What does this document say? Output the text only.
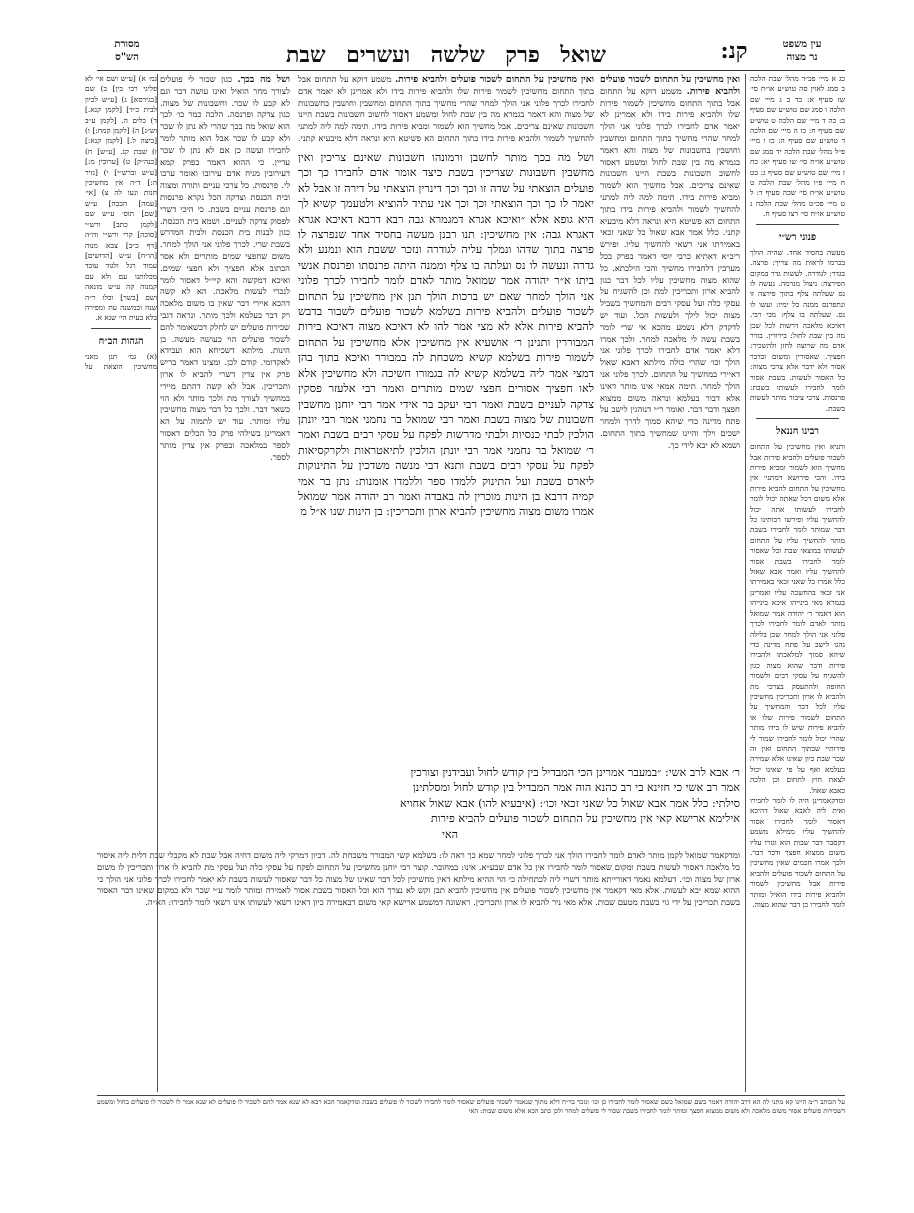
מסורת
הש"ס	שואל
פרק
שלשה
ועשרים
שבת	קנ:	עין משפט
נר מצוה
גמ׳ א) [ע״ש ושם אי׳ לא פליגי רבי בין] ב) שם [בגירסא] ג) [ע״ש לכיון לבית כ״ד] [לקמן קנא.] ד) כלים ה. [לקמן ע״ב וש״נ] ה) [לקמן קמח:] ו) [ביצה ל.] [לקמן קנא:] ז) שבת קנ. [ע״ש] ח) [בנה״ק] ט) [ערובין מ:] [ע״ש וברש״י] י) [נזיר ה:] ד״ה אין מחשיכין חנות ונעו לה צ) [אי׳ [עמה] הכבה] ע״ש [שם] תוס׳ ע״ש שם [לקמן כתב] ורש״י [סוכה] קרי ורש״י וה״ה [דף כ״ב] צבא מנוה [הו״ח] ע״ש [הדושים] עמוד רגל ולגוד עובד מכלותנו עם ולא עם קמנוה קה ע״ש מונאה ושם [בשר] ובלו ר״ה שנה ובמשנה עת ומפירה בלא בעית הי׳ שנא א.
הגהות הב״ח
(א) גמ׳ תנן מאני מחשיכין הוצאת על
ושל מה בכך. כגון שכור לי פועלים לצורך מחר הואיל ואינו עושה דבר וגם לא קבע לו שכר. וחשבונות של מצוה. כגון צדקה ופרנסה. הלכה כמר כו׳ לכך הוא שואל מה בכך שהרי לא נתן לו שכר ולא קבע לו שכר אבל הוא מותר לומר לחבירו ועשה כן אם לא נתן לו שכר עדיין. כי ההוא דאמר בפרק קמא דעירובין מניח אדם עירובו ואומר ערבו לי. פרנסות. כל צרכי עניים ותורה ומצוה ובית הכנסת וצדקה הכל נקרא פרנסות וגם פרנסת עניים בשבת. כי היכי דשרי לפסוק צדקה לעניים. ושמא בית הכנסת. כגון לבנות בית הכנסת ולבית המדרש בשבת שרי. לכרך פלוני אני הולך למחר. משום שחפצי שמים מותרים ולא אסר הכתוב אלא חפציך ולא חפצי שמים. ואיכא דמקשה והא קיי״ל דאסור לומר לנכרי לעשות מלאכה. הא לא קשה דהכא איירי דבר שאין בו משום מלאכה רק דבר בעלמא ולכך מותר. ונראה דגבי שכירות פועלים יש לחלק דכשאומר להם לשכור פועלים הוי כעושה מעשה. בן הינות. מילתא דשכיחא הוא ועבידא לאקדומי. קודם לכן. ומצינו דאמר בריש פרק אין צדין דשרי להביא לו ארון ותכריכין. אבל לא קשה דהתם מיירי במחשיך לצורך מת ולכך מותר ולא הוי כשאר דבר. ולכך כל דבר מצוה מחשיכין עליו ומותר. עוד יש לתמוה על הא דאמרינן בשילהי פרק כל הכלים דאסור לספר במלאכה ובפרק אין צדין מותר לספר.
ושל מה בכך מותר לחשבן ורמונהו חשבונות שאינם צריכין ואין מחשבין חשבונות שצריכין בשבת כיצד אומר אדם לחבירו כך וכך פועלים הוצאתי על שדה זו וכך וכך דינרין הוצאתי על דירה זו אבל לא יאמר לו כך וכך הוצאתי וכך וכך אני עתיד להוציא ולטעמך קשיא לך היא גופא אלא ״ואיכא אגרא דמגמרא גבה רבא דרבא דאיכא אגרא דאגרא גבה: אין מחשיכין: תנו רבנן מעשה בחסיד אחד שנפרצה לו פרצה בתוך שדהו ונמלך עליה לגודרה ונזכר ששבת הוא ונמנע ולא גדרה ונעשה לו נס ועלתה בו צלף וממנה היתה פרנסתו ופרנסת אנשי ביתו א״ר יהודה אמר שמואל מותר לאדם לומר לחבירו לכרך פלוני אני הולך למחר שאם יש ברכות הולך תנן אין מחשיכין על התחום לשכור פועלים ולהביא פירות בשלמא לשכור פועלים לשבור בדבש להביא פירות אלא לא מצי אמר להו לא דאיכא מצוה דאיכא בירות המבוררין ותנינן ר׳ אושעיא אין מחשיכין אלא מחשיכין על התחום לשמור פירות בשלמא קשיא משכחת לה במבורר ואיכא בתוך בהן דמצי אמר ליה בשלמא קשיא לה בגמורו חשיכה ולא מחשיכין אלא לאו חפציך אסורים חפצי שמים מותרים ואמר רבי אלעזר פסקין צדקה לעניים בשבת ואמר רבי יעקב בר אידי אמר רבי יוחנן מחשבין חשבונות של מצוה בשבת ואמר רבי שמואל בר נחמני אמר רבי יונתן הולכין לבתי כנסיות ולבתי מדרשות לפקח על עסקי רבים בשבת ואמר ר׳ שמואל בר נחמני אמר רבי יונתן הולכין לתיאטראות ולקרקסיאות לפקח על עסקי רבים בשבת ותנא דבי מנשה משדכין על התינוקות ליארס בשבת ועל התינוק ללמדו ספר וללמדו אומנות: נתן בר אמי קמיה דרבא בן הינות מוכרין לה באבדה ואמר רב יהודה אמר שמואל אמרו משום מצוה מחשיכין להביא ארון ותכריכין: בן הינות שנו א״ל מ
ואין מחשיכין על התחום לשכור פועלים ולהביא פירות. משמע דוקא על התחום אבל בתוך התחום מחשיכין לשמור פירות שלו ולהביא פירות בידו ולא אמרינן לא יאמר אדם לחבירו לכרך פלוני אני הולך למחר שהרי מחשיך בתוך התחום ומחשבין וחושבין בחשבונות של מצוה והא דאמר בגמרא מה בין שבת לחול ומשמע דאסור לחשוב חשבונות בשבת היינו חשבונות שאינם צריכים. אבל מחשיך הוא לשמור ומביא פירות בידו. תימה למה ליה למתני להחשיך לשמור ולהביא פירות בידו בתוך התחום הא פשיטא היא ונראה דלא מיבעיא קתני.
ואין מחשיכין על התחום לשכור פועלים ולהביא פירות. משמע דוקא על התחום אבל בתוך התחום מחשיכין לשמור פירות שלו ולהביא פירות בידו ולא אמרינן לא יאמר אדם לחבירו לכרך פלוני אני הולך למחר שהרי מחשיך בתוך התחום ומחשבין וחושבין בחשבונות של מצוה והא דאמר בגמרא מה בין שבת לחול ומשמע דאסור לחשוב חשבונות בשבת היינו חשבונות שאינם צריכים. אבל מחשיך הוא לשמור ומביא פירות בידו. תימה למה ליה למתני להחשיך לשמור ולהביא פירות בידו בתוך התחום הא פשיטא היא ונראה דלא מיבעיא קתני. כלל אמר אבא שאול כל שאני זכאי באמירתו אני רשאי להחשיך עליו. ופירש ריב״א דאתיא כרבי יוסי דאמר בפרק בכל מערבין דלחבירו מחשיך והכי הילכתא. כל שהוא מצוה מחשיכין עליו לכל דבר כגון להביא ארון ותכריכין למת וכן להשגיח על עסקי כלה ועל עסקי רבים והמחשיך בשביל מצוה יכול לילך ולעשות הכל. ועוד יש לדקדק דלא נשמע מהכא אי שרי לומר בשבת עשה לי מלאכה למחר. ולכך אמרו דלא יאמר אדם לחבירו לכרך פלוני אני הולך וכו׳ שהרי כולה מילתא דאבא שאול דאיירי במחשיך על התחום. לכרך פלוני אני הולך למחר. תימה אמאי אינו מותר דאינו אלא דבור בעלמא ונראה משום ממצוא חפצך ודבר דבר. ואומר ר״י דנוהגין לישב על פתח מדינה כדי שיהא סמוך לדרך ולמחר ישכים וילך והיינו שמחשיך בתוך התחום. ושמא לא יבא לידי כך.
ר׳ אבא לרב אשי: ״במעבר אמרינן הכי המבדיל בין קודש לחול ועבידנין וצורכין
אמר רב אשי כי חזינא בי רב כהנא הוה אמר המבדיל בין קודש לחול ומסלתינן
סילתי: כלל אמר אבא שאול כל שאני זכאי וכו׳: (איבעיא להו) אבא שאול אחויא
אילימא ארישא קאי אין מחשיכין על התחום לשכור פועלים להביא פירות
האי
ומדקאמר שמואל לקמן מותר לאדם לומר לחבירו הולך אני לכרך פלוני למחר שמא כך ראה לו: בשלמא קשי המבורר משכחת לה. דכיון דמרקי ליה משום דחיה אבל שבת לא מקבלי שבת דלית ליה איסור כל מלאכה דאסור לעשות בשבת ומקום שאסור לומר לחבירו אין כל אדם שבע״א. אינו: במחובר. קוצר רבי יוחנן מחשיכין על התחום לפקח על עסקי כלה ועל עסקי מת להביא לו ארון ותכריכין לו משום ארון של מצוה וכו׳. דעלמא נאמר דאורייתא מותר דשרי ליה לכתחילה כי הוי ההיא מילתא דאין מחשיכין לכל דבר שאינו של מצוה כל דבר שאסור לעשות בשבת לא יאמר לחבירו לכרך פלוני אני הולך כי ההוא שמא יבא לעשות. אלא מאי דקאמר אין מחשיכין לשכור פועלים אין מחשיכין להביא תבן וקש לא נצרך הוא וכל האסור בשבת אסור לאמירה ומותר לומר ע״י שכר ולא במקום שאינו דבר האסור בשבת תכריכין על ידי גוי בשבת מטעם שבות. אלא מאי ניר להביא לו ארון ותכריכין. ראשונה דמשמע ארישא קאי משום דבאמירה כיון דאינו רשאי לעשותו אינו רשאי לומר לחבירו: הא״ה.
כג א מיי׳ פכ״ד מהל׳ שבת הלכה ב סמג לאוין סה טוש״ע או״ח סי׳ שז סעיף א: כד ב ג מיי׳ שם הלכה ו סמג שם טוש״ע שם סעיף ב: כה ד מיי׳ שם הלכה ט טוש״ע שם סעיף ח: כו ה מיי׳ שם הלכה ד טוש״ע שם סעיף ה: כז ו מיי׳ פ״ל מהל׳ שבת הלכה יד סמג שם טוש״ע או״ח סי׳ שו סעיף יא: כח ז מיי׳ שם טוש״ע שם סעיף ג: כט ח מיי׳ פ״ו מהל׳ שבת הלכה ט טוש״ע או״ח סי׳ שכה סעיף ד: ל ט מיי׳ פכ״ט מהל׳ שבת הלכה ג טוש״ע או״ח סי׳ רצו סעיף ח.
פנוני רש״י
מעשה בחסיד אחד. שהיה הולך בכרמו לראות מה צריך: פרצה. בגדר: לגודרה. לעשות גדר במקום הפירצה: ניצול מגרמה. נעשה לו נס שעלתה צלף בתוך פירצה זו ונתפרנס ממנה כל ימיו: ועשו לו נס. שעלתה בו צלף: מבי רבי. דאיכא מלאכה דרשות לכל שכן מה בין שבת לחול: בירורין. בורר אדם מה שרוצה לחזן ולהשכיר: חפציך. שאסורין ומשום ובדבר אסור ולא ידבר אלא צרכי מצוה: כל האסור לעשות. בשבת אסור לומר לחבירו לעשותו בשבת: פרנסות. צרכי ציבור מותר לעשות בשבת.
רבינו חננאל
ותניא ואין מחשיכין על התחום לשכור פועלים ולהביא פירות אבל מחשיך הוא לשמור ומביא פירות בידו. והכי פירושא דמתני׳ אין מחשיכין על התחום להביא פירות אלא משום דכל שאתה יכול לומר לחבירו לעשותו אתה יכול להחשיך עליו ופירשו רבותינו כל דבר שמותר לומר לחבירו בשבת מותר להחשיך עליו על התחום לעשותו במוצאי שבת וכל שאסור לומר לחבירו בשבת אסור להחשיך עליו ואמר אבא שאול כלל אמרו כל שאני זכאי באמירתו אני זכאי בהחשכה עליו ואמרינן בגמרא מאי בינייהו איכא בינייהו הוא דאמר ר׳ יהודה אמר שמואל מותר לאדם לומר לחבירו לכרך פלוני אני הולך למחר שכן בלילה נהגו לישב על פתח מדינה כדי שיהא סמוך למלאכתו ולהבירו פירות ודבר שהוא מצוה כגון להשגיח על עסקי רבים ולשמור החופה ולהתעסק בצרכי מת ולהביא לו ארון ותכריכין מחשיכין עליו לכל דבר והמחשיך על התחום לשמור פירות שלו או להביא פירות שיש לו בידו מותר שהרי יכול לומר לחבירו שמור לי פירותיי שבתוך התחום ואין זה שכר שבת כיון שאינו אלא שמירה בעלמא ואף על פי שאינו יכול לצאת חוץ לתחום וכן הלכה כאבא שאול.
ומדקאמרינן היה לו לומר לחבירו ואית ליה לאבא שאול דהיכא דאסור לומר לחבירו אסור להחשיך עליו ממילא משמע דקסבר דבר שבות הוא וגזרו עליו משום ממצוא חפצך ודבר דבר. ולכך אמרו חכמים שאין מחשיכין על התחום לשכור פועלים ולהביא פירות אבל מחשיכין לשמור ולהביא פירות בידו הואיל ומותר לומר לחבירו כן דבר שהוא מצוה.
על הכותב ר״מ היינו קא מתני לה הא דרב יהודה דאמר בשם שמואל כשם שאסור לומר לחבירו כן וכו׳ ונזכר בר״ח דלא מתוך שנאמר לשכור פועלים שאסור לומר לחבירו לשכור לו פועלים בשבת ומדקאמר הכא רבא לא שנא אמר להם לשכור לו פועלים לא שנא אמר לו לשכור לו פועלים בחול ומשמע דשכירות פועלים אסור משום מלאכה ולא משום ממצוא חפצך ומותר לומר לחבירו בשבת שכור לי פועלים למחר ולכן כתב הכא אלא משום שבות: האי
